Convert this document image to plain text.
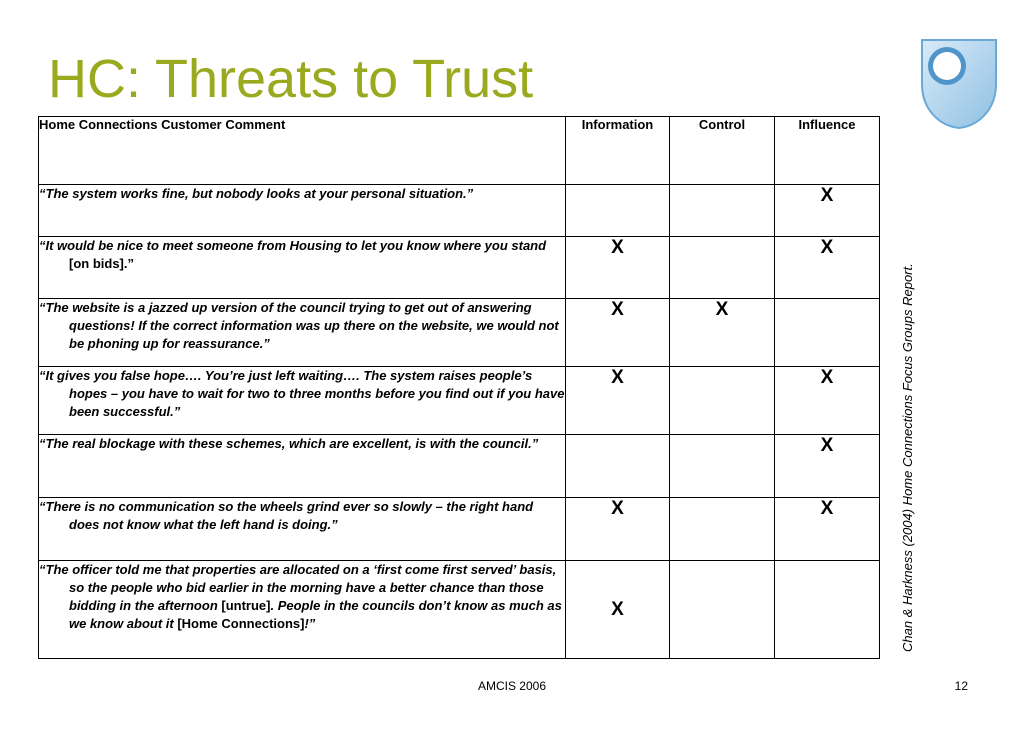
HC: Threats to Trust
Home Connections Customer Comment	Information	Control	Influence

“The system works fine, but nobody looks at your personal situation.”			X

“It would be nice to meet someone from Housing to let you know where you stand [on bids].”	X		X

“The website is a jazzed up version of the council trying to get out of answering questions! If the correct information was up there on the website, we would not be phoning up for reassurance.”	X	X	

“It gives you false hope…. You’re just left waiting…. The system raises people’s hopes – you have to wait for two to three months before you find out if you have been successful.”	X		X

“The real blockage with these schemes, which are excellent, is with the council.”			X

“There is no communication so the wheels grind ever so slowly – the right hand does not know what the left hand is doing.”	X		X

“The officer told me that properties are allocated on a ‘first come first served’ basis, so the people who bid earlier in the morning have a better chance than those bidding in the afternoon [untrue]. People in the councils don’t know as much as we know about it [Home Connections]!”	X			Chan & Harkness (2004) Home Connections Focus Groups Report.
AMCIS 2006	12
